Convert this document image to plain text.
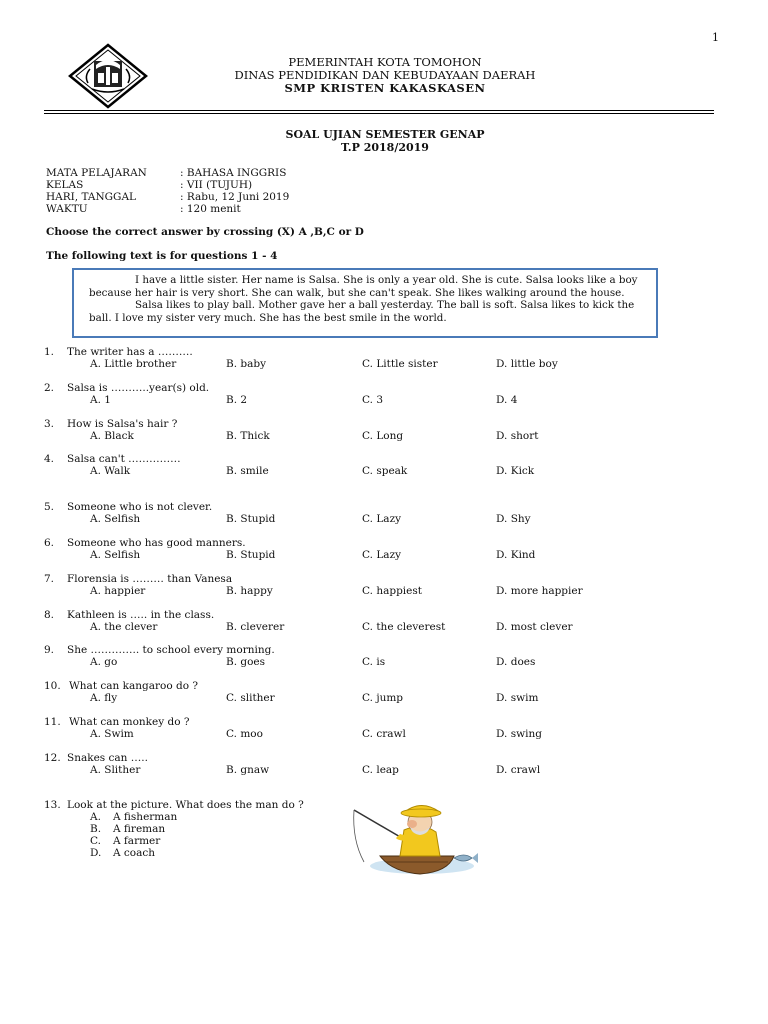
1
PEMERINTAH KOTA TOMOHON
DINAS PENDIDIKAN DAN KEBUDAYAAN DAERAH
SMP KRISTEN KAKASKASEN
SOAL UJIAN SEMESTER GENAP
T.P 2018/2019
MATA PELAJARAN	: BAHASA INGGRIS
KELAS	: VII (TUJUH)
HARI, TANGGAL	: Rabu, 12 Juni 2019
WAKTU	: 120 menit
Choose the correct answer by crossing (X) A ,B,C or D
The following text is for questions 1 - 4

I have a little sister. Her name is Salsa. She is only a year old. She is cute. Salsa looks like a boy because her hair is very short. She can walk, but she can't speak. She likes walking around the house.

Salsa likes to play ball. Mother gave her a ball yesterday. The ball is soft. Salsa likes to kick the ball. I love my sister very much. She has the best smile in the world.

1. The writer has a ……….
A. Little brother	B. baby	C. Little sister	D. little boy
2. Salsa is ………..year(s) old.
A. 1	B. 2	C. 3	D. 4
3. How is Salsa's hair ?
A. Black	B. Thick	C. Long	D. short
4. Salsa can't ……………
A. Walk	B. smile	C. speak	D. Kick
5. Someone who is not clever.
A. Selfish	B. Stupid	C. Lazy	D. Shy
6. Someone who has good manners.
A. Selfish	B. Stupid	C. Lazy	D. Kind
7. Florensia is ……… than Vanesa
A. happier	B. happy	C. happiest	D. more happier
8. Kathleen is ….. in the class.
A. the clever	B. cleverer	C. the cleverest	D. most clever
9. She ………….. to school every morning.
A. go	B. goes	C. is	D. does
10. What can kangaroo do ?
A. fly	C. slither	C. jump	D. swim
11. What can monkey do ?
A. Swim	C. moo	C. crawl	D. swing
12. Snakes can …..
A. Slither	B. gnaw	C. leap	D. crawl
13. Look at the picture. What does the man do ?
A. A fisherman
B. A fireman
C. A farmer
D. A coach
